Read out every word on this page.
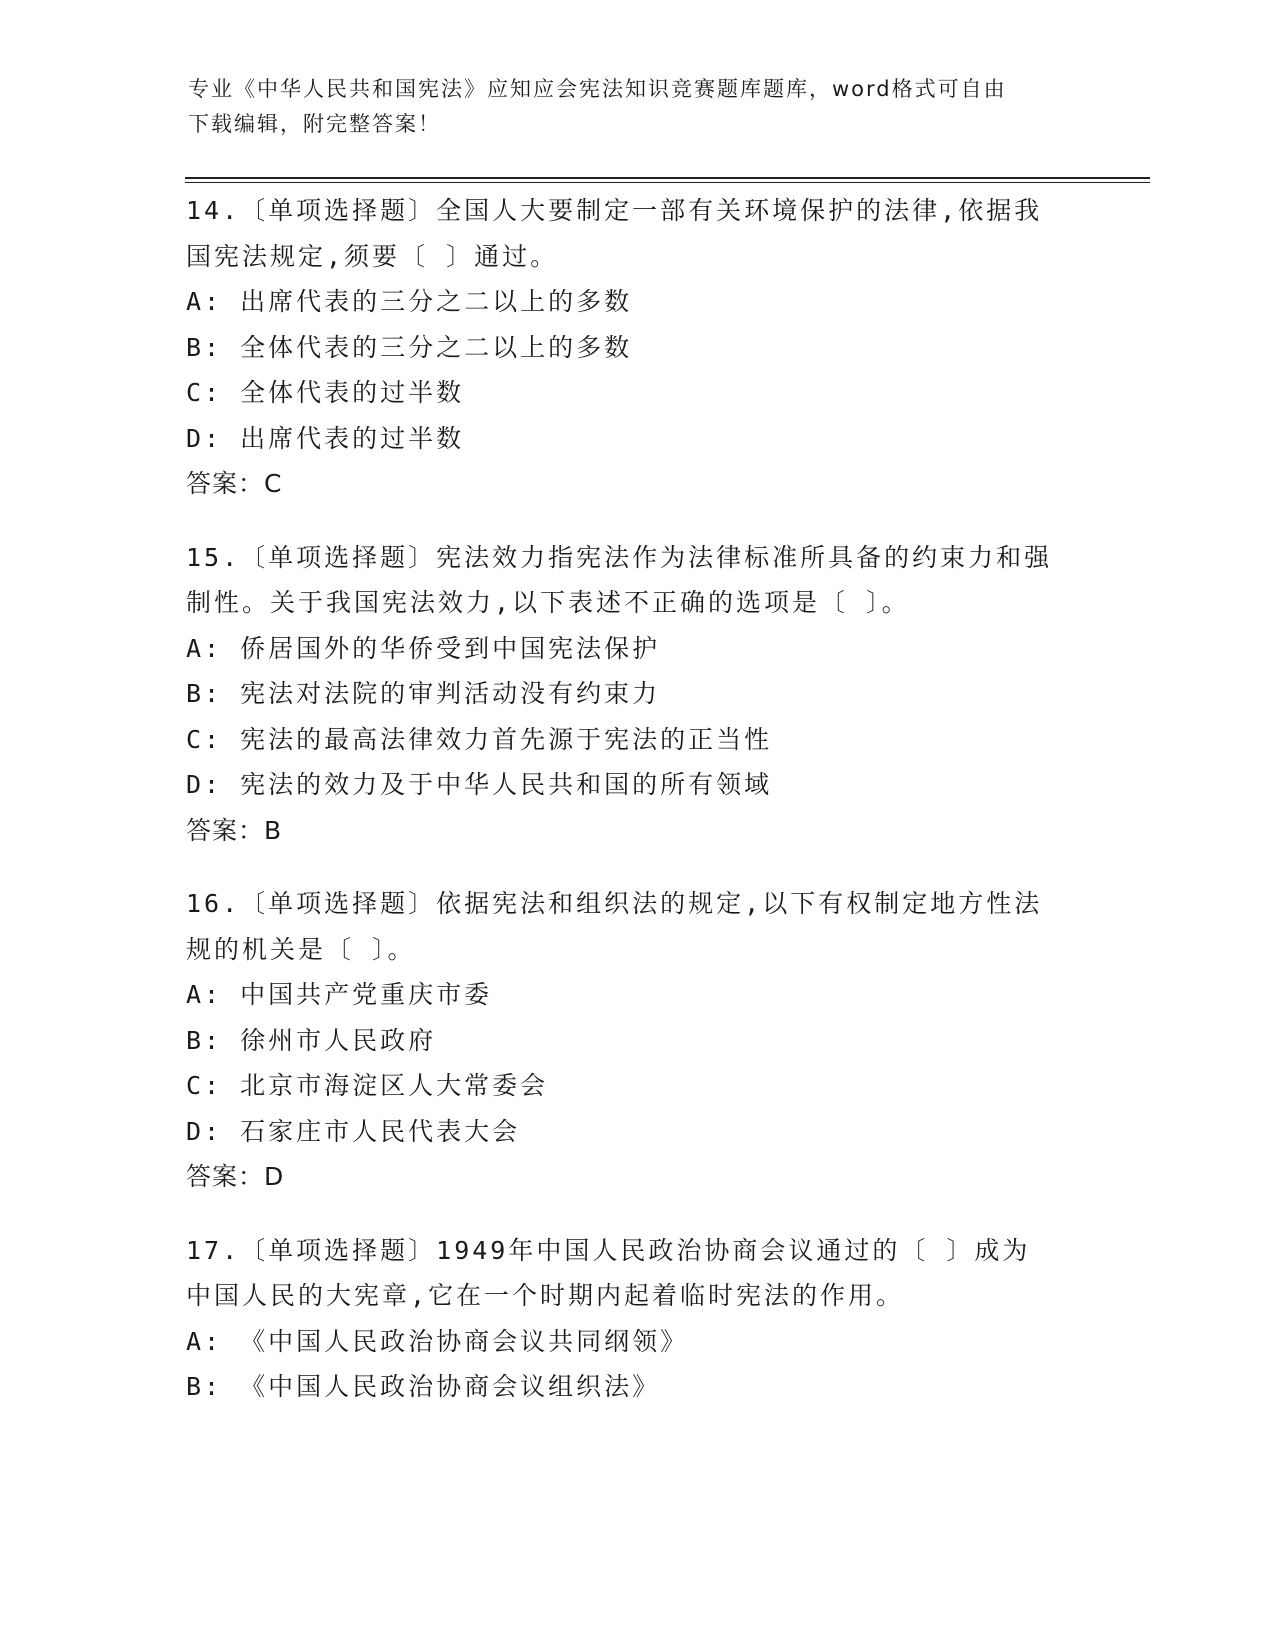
专业《中华人民共和国宪法》应知应会宪法知识竞赛题库题库，word格式可自由
下载编辑，附完整答案！

14.〔单项选择题〕全国人大要制定一部有关环境保护的法律,依据我

国宪法规定,须要〔 〕通过。

A: 出席代表的三分之二以上的多数

B: 全体代表的三分之二以上的多数

C: 全体代表的过半数

D: 出席代表的过半数

答案：C

15.〔单项选择题〕宪法效力指宪法作为法律标准所具备的约束力和强

制性。关于我国宪法效力,以下表述不正确的选项是〔 〕。

A: 侨居国外的华侨受到中国宪法保护

B: 宪法对法院的审判活动没有约束力

C: 宪法的最高法律效力首先源于宪法的正当性

D: 宪法的效力及于中华人民共和国的所有领域

答案：B

16.〔单项选择题〕依据宪法和组织法的规定,以下有权制定地方性法

规的机关是〔 〕。

A: 中国共产党重庆市委

B: 徐州市人民政府

C: 北京市海淀区人大常委会

D: 石家庄市人民代表大会

答案：D

17.〔单项选择题〕1949年中国人民政治协商会议通过的〔 〕成为

中国人民的大宪章,它在一个时期内起着临时宪法的作用。

A: 《中国人民政治协商会议共同纲领》

B: 《中国人民政治协商会议组织法》
